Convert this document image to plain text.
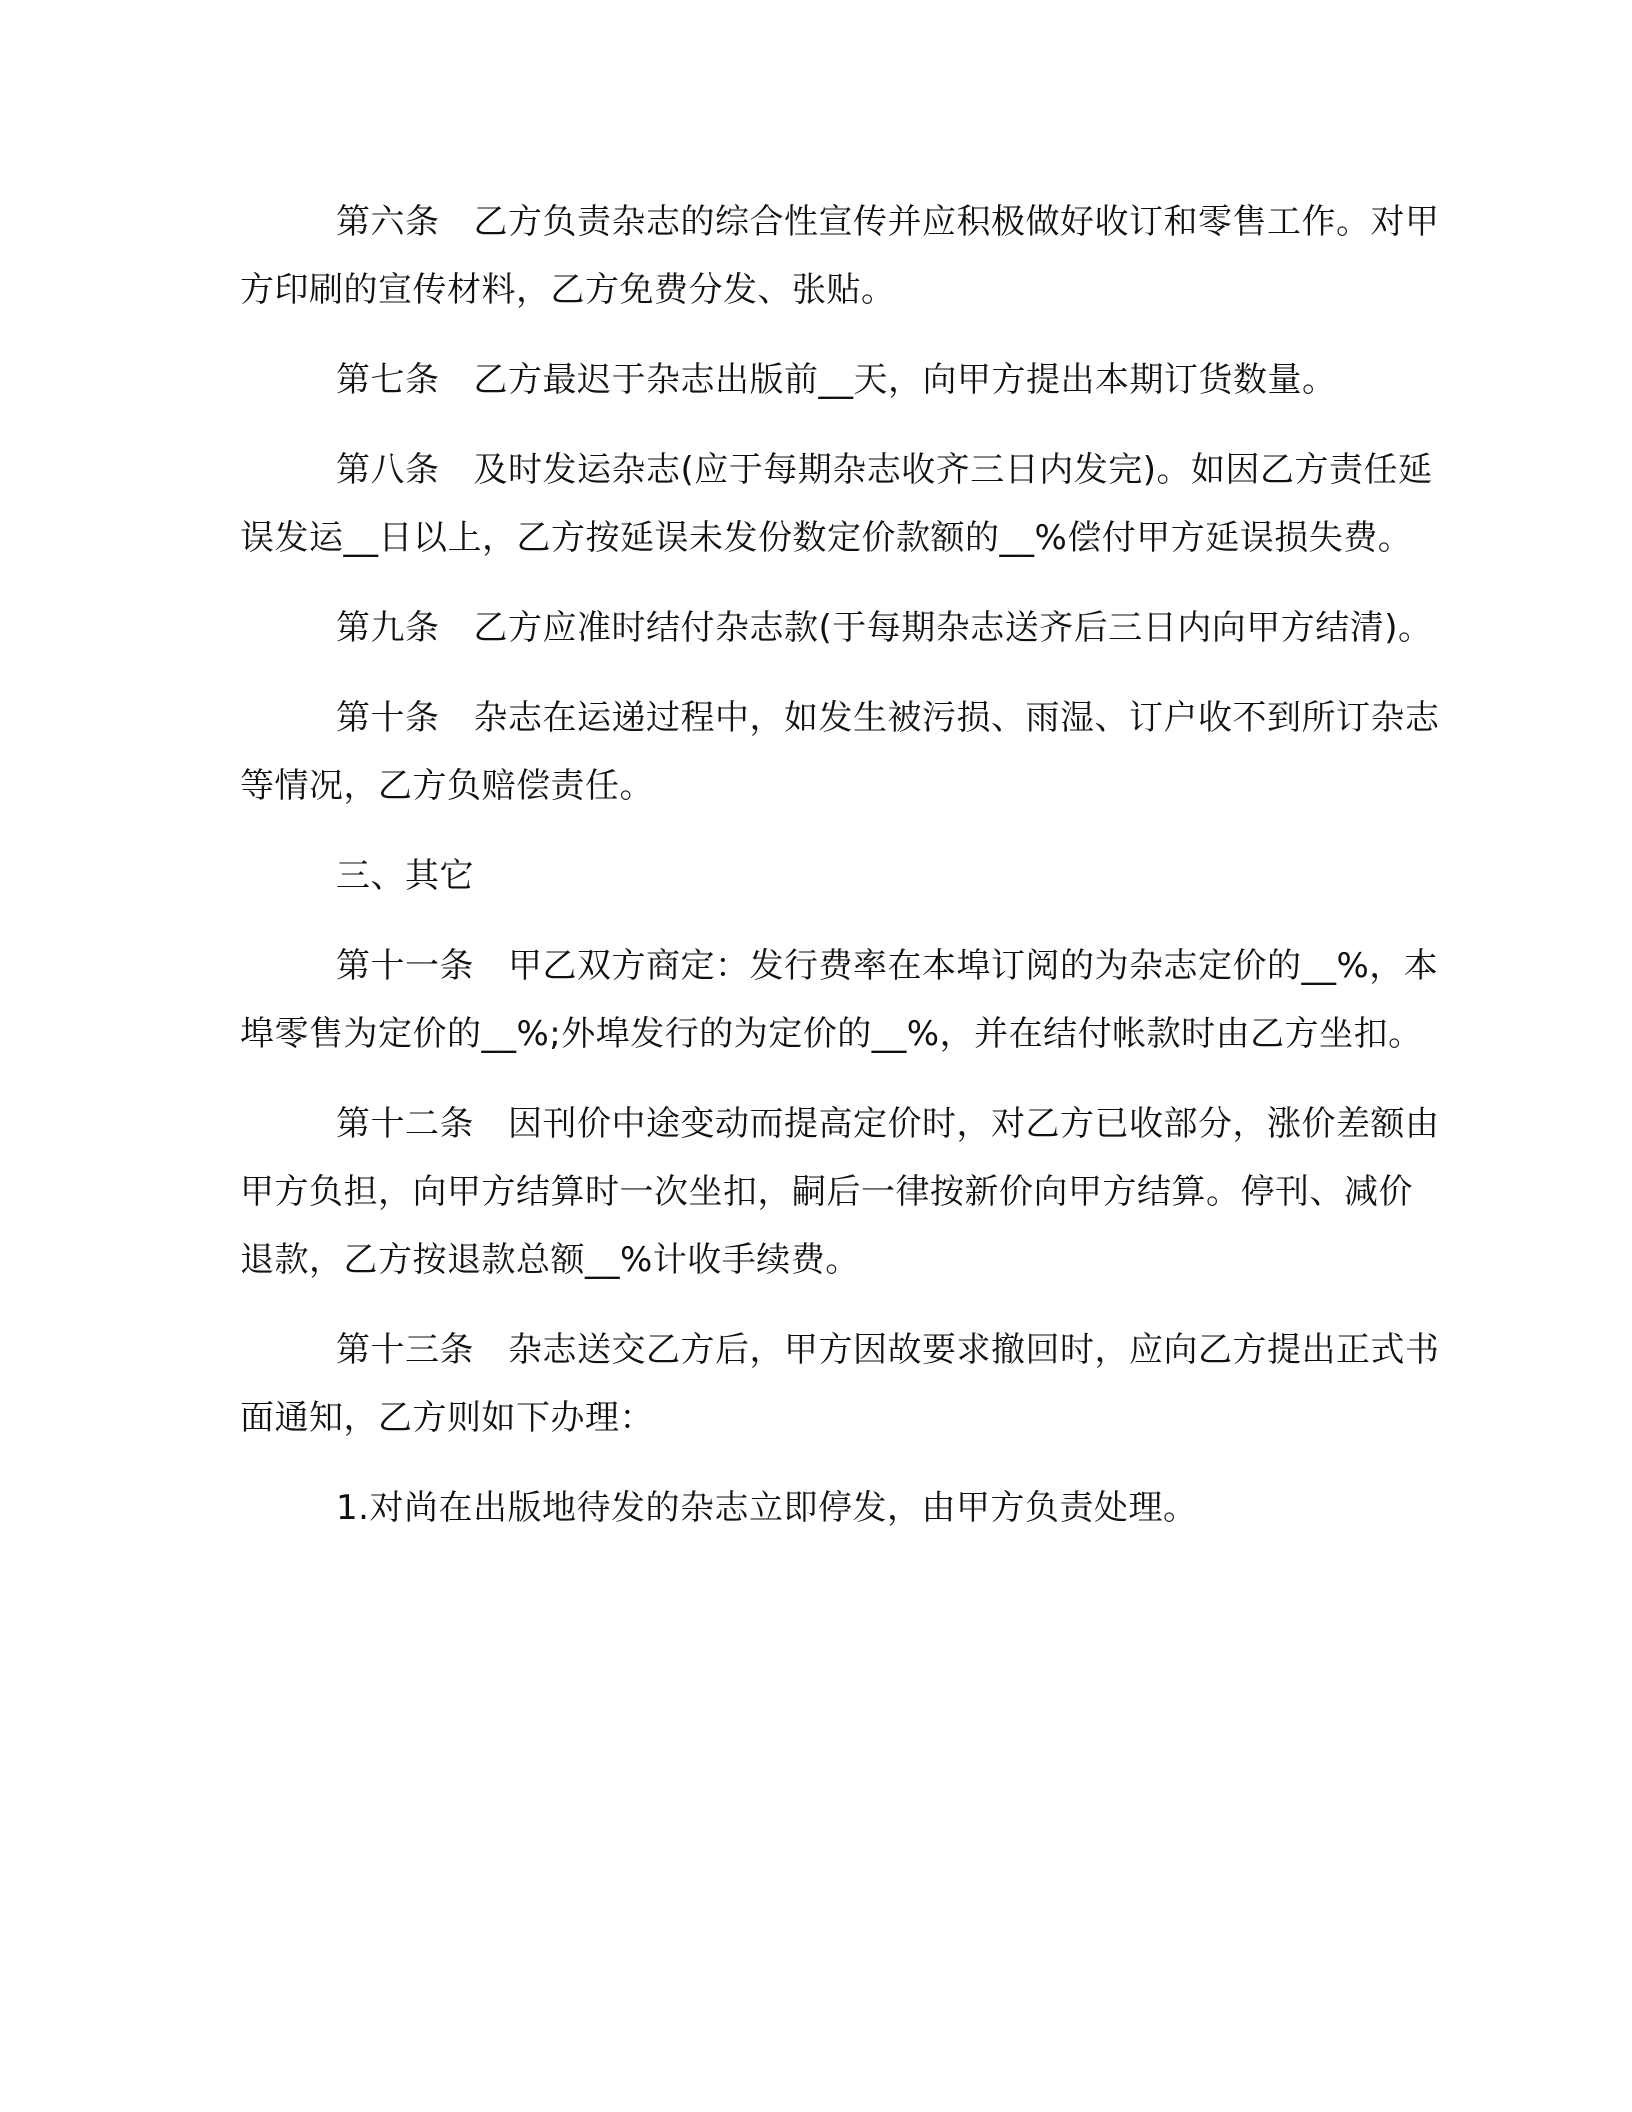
第六条 乙方负责杂志的综合性宣传并应积极做好收订和零售工作。对甲方印刷的宣传材料，乙方免费分发、张贴。

第七条 乙方最迟于杂志出版前__天，向甲方提出本期订货数量。

第八条 及时发运杂志(应于每期杂志收齐三日内发完)。如因乙方责任延误发运__日以上，乙方按延误未发份数定价款额的__%偿付甲方延误损失费。

第九条 乙方应准时结付杂志款(于每期杂志送齐后三日内向甲方结清)。

第十条 杂志在运递过程中，如发生被污损、雨湿、订户收不到所订杂志等情况，乙方负赔偿责任。

三、其它

第十一条 甲乙双方商定：发行费率在本埠订阅的为杂志定价的__%，本埠零售为定价的__%;外埠发行的为定价的__%，并在结付帐款时由乙方坐扣。

第十二条 因刊价中途变动而提高定价时，对乙方已收部分，涨价差额由甲方负担，向甲方结算时一次坐扣，嗣后一律按新价向甲方结算。停刊、减价退款，乙方按退款总额__%计收手续费。

第十三条 杂志送交乙方后，甲方因故要求撤回时，应向乙方提出正式书面通知，乙方则如下办理：

1.对尚在出版地待发的杂志立即停发，由甲方负责处理。
